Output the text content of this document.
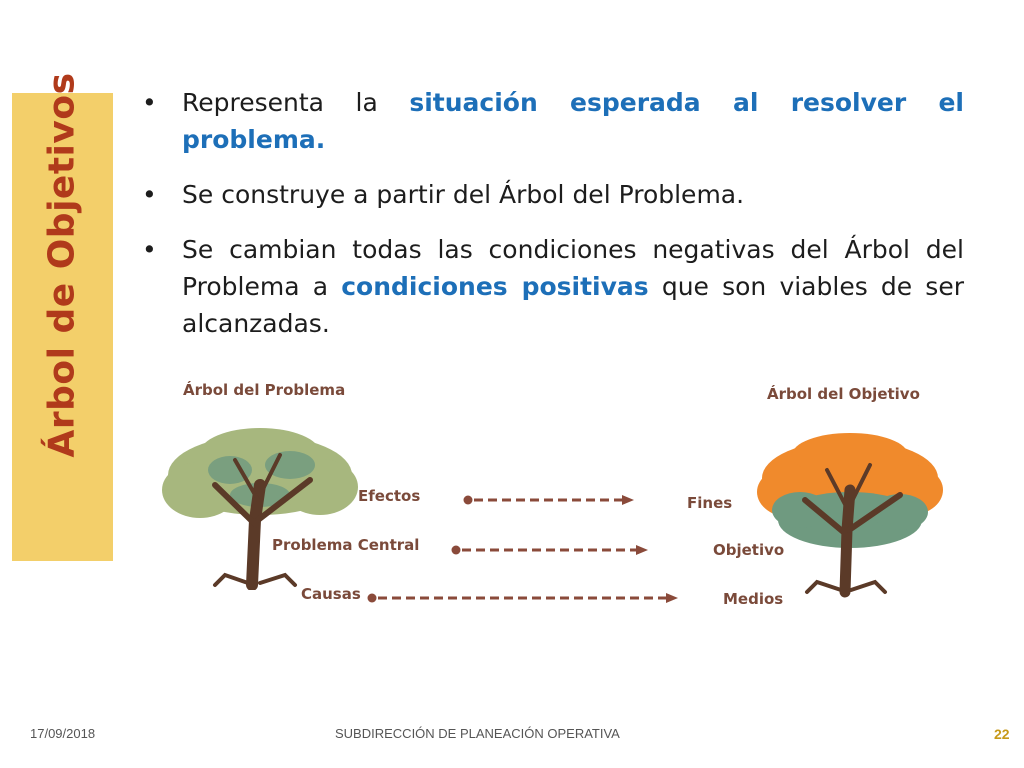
Árbol de Objetivos • Representa la situación esperada al resolver el problema.
• Se construye a partir del Árbol del Problema.
• Se cambian todas las condiciones negativas del Árbol del Problema a condiciones positivas que son viables de ser alcanzadas.
Árbol del Problema	Árbol del Objetivo
Efectos
Problema Central
Causas
Fines
Objetivo
Medios
17/09/2018	SUBDIRECCIÓN DE PLANEACIÓN OPERATIVA	22
